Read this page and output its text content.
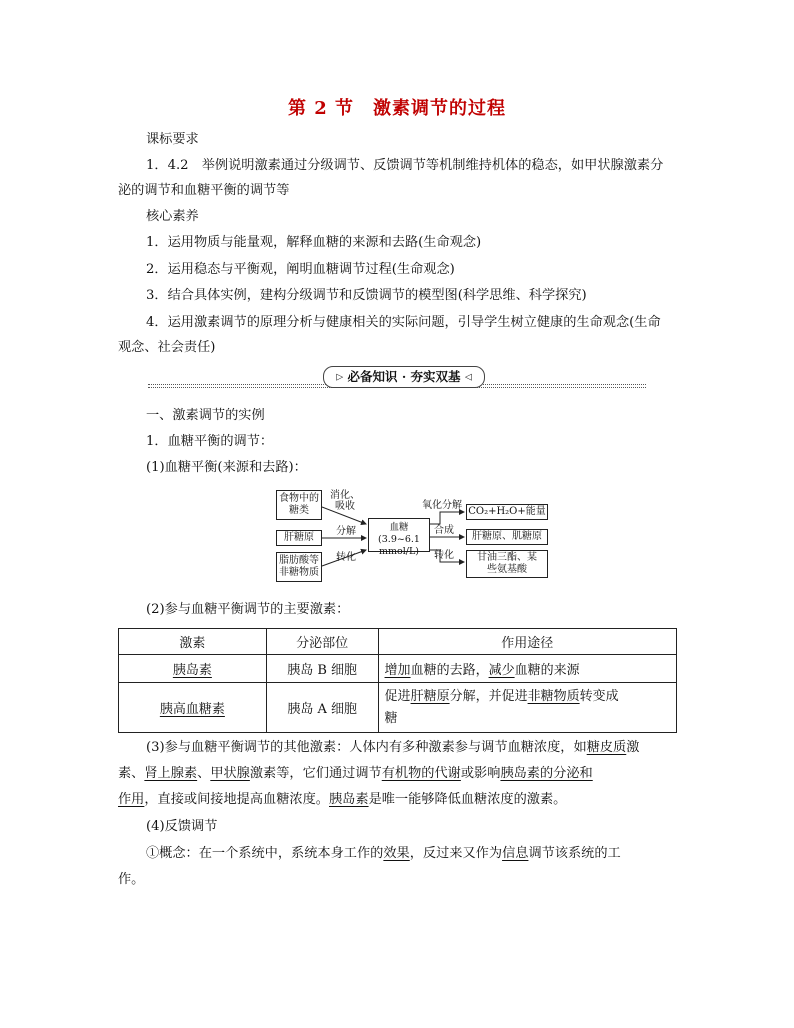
第 2 节　激素调节的过程
课标要求
1．4.2　举例说明激素通过分级调节、反馈调节等机制维持机体的稳态，如甲状腺激素分
泌的调节和血糖平衡的调节等
核心素养
1．运用物质与能量观，解释血糖的来源和去路(生命观念)
2．运用稳态与平衡观，阐明血糖调节过程(生命观念)
3．结合具体实例，建构分级调节和反馈调节的模型图(科学思维、科学探究)
4．运用激素调节的原理分析与健康相关的实际问题，引导学生树立健康的生命观念(生命
观念、社会责任)
▷ 必备知识 · 夯实双基 ◁
一、激素调节的实例
1．血糖平衡的调节：
(1)血糖平衡(来源和去路)：
食物中的
糖类
肝糖原
脂肪酸等
非糖物质
消化、
吸收
分解
转化
血糖(3.9~6.1
mmol/L)
氧化分解
合成
转化
CO₂+H₂O+能量
肝糖原、肌糖原
甘油三酯、某
些氨基酸
(2)参与血糖平衡调节的主要激素：
激素	分泌部位	作用途径
胰岛素	胰岛 B 细胞	增加血糖的去路，减少血糖的来源
胰高血糖素	胰岛 A 细胞	促进肝糖原分解，并促进非糖物质转变成
糖
(3)参与血糖平衡调节的其他激素：人体内有多种激素参与调节血糖浓度，如糖皮质激
素、肾上腺素、甲状腺激素等，它们通过调节有机物的代谢或影响胰岛素的分泌和
作用，直接或间接地提高血糖浓度。胰岛素是唯一能够降低血糖浓度的激素。
(4)反馈调节
①概念：在一个系统中，系统本身工作的效果，反过来又作为信息调节该系统的工
作。
